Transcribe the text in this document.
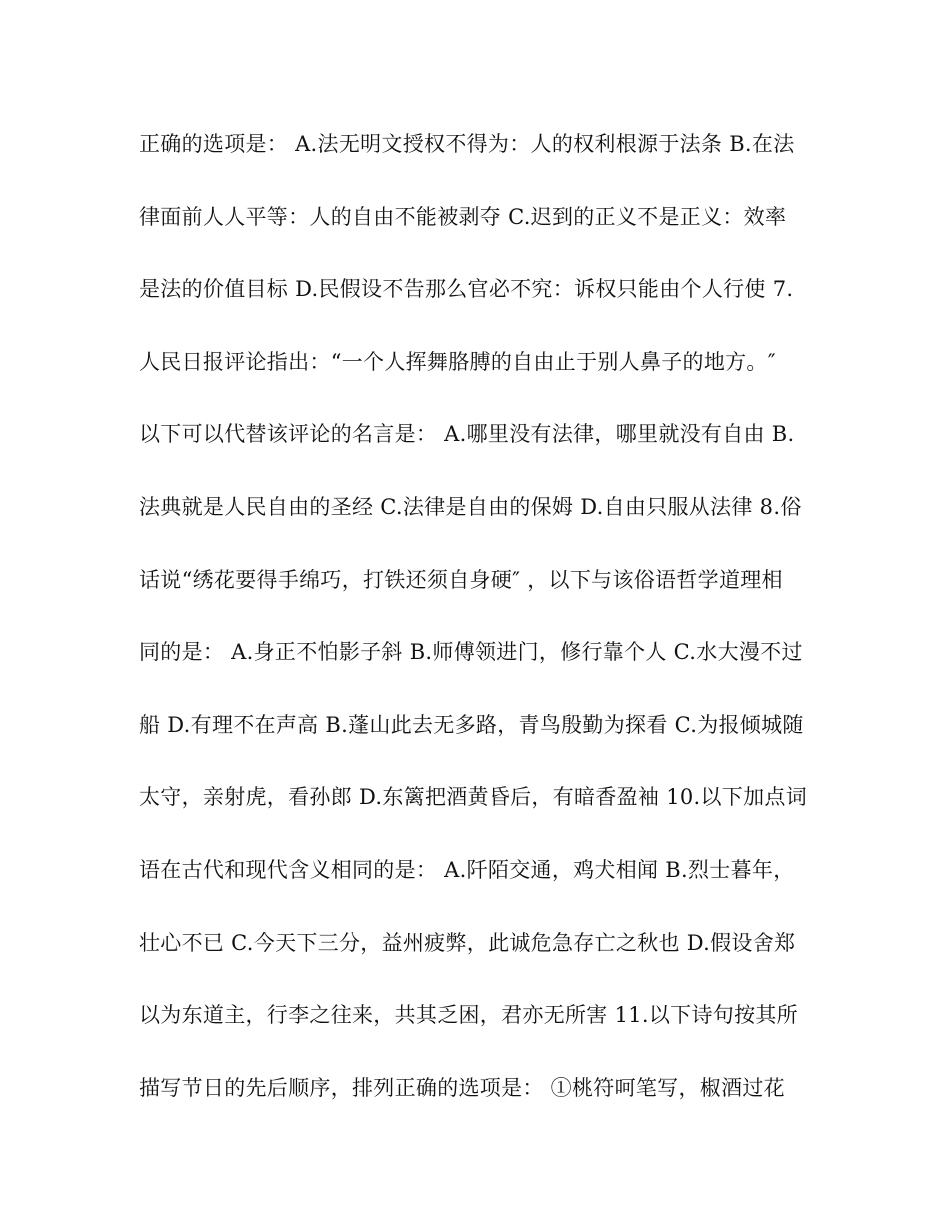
正确的选项是： A.法无明文授权不得为：人的权利根源于法条 B.在法
律面前人人平等：人的自由不能被剥夺 C.迟到的正义不是正义：效率
是法的价值目标 D.民假设不告那么官必不究：诉权只能由个人行使 7.
人民日报评论指出：“一个人挥舞胳膊的自由止于别人鼻子的地方。″
以下可以代替该评论的名言是： A.哪里没有法律，哪里就没有自由 B.
法典就是人民自由的圣经 C.法律是自由的保姆 D.自由只服从法律 8.俗
话说“绣花要得手绵巧，打铁还须自身硬″ ，以下与该俗语哲学道理相
同的是： A.身正不怕影子斜 B.师傅领进门，修行靠个人 C.水大漫不过
船 D.有理不在声高 B.蓬山此去无多路，青鸟殷勤为探看 C.为报倾城随
太守，亲射虎，看孙郎 D.东篱把酒黄昏后，有暗香盈袖 10.以下加点词
语在古代和现代含义相同的是： A.阡陌交通，鸡犬相闻 B.烈士暮年，
壮心不已 C.今天下三分，益州疲弊，此诚危急存亡之秋也 D.假设舍郑
以为东道主，行李之往来，共其乏困，君亦无所害 11.以下诗句按其所
描写节日的先后顺序，排列正确的选项是： ①桃符呵笔写，椒酒过花
